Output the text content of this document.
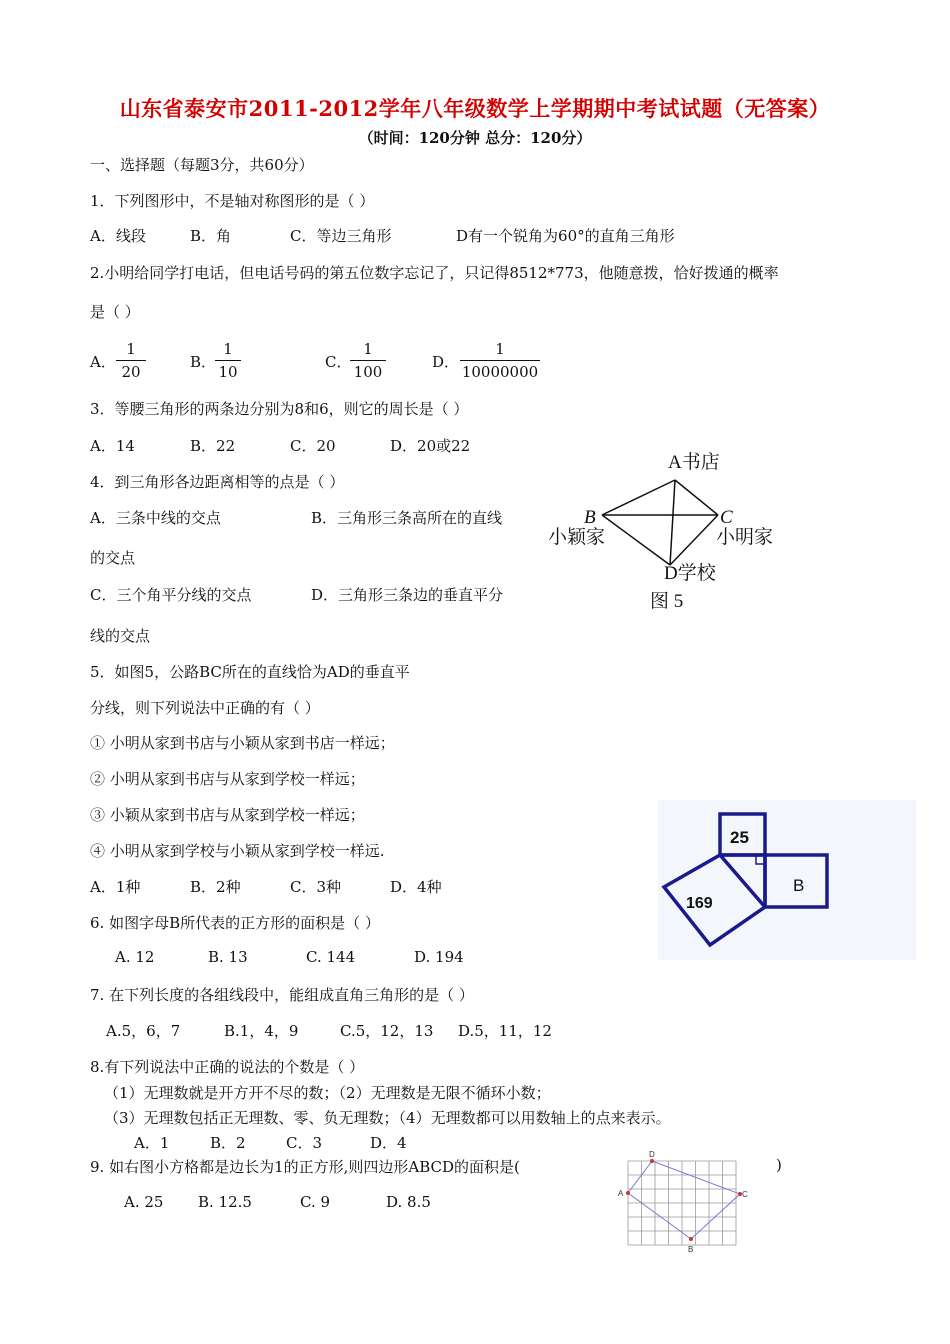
山东省泰安市2011-2012学年八年级数学上学期期中考试试题（无答案）
（时间：120分钟 总分：120分）
一、选择题（每题3分，共60分）
1．下列图形中，不是轴对称图形的是（ ）
A．线段	B．角	C．等边三角形	D有一个锐角为60°的直角三角形
2.小明给同学打电话，但电话号码的第五位数字忘记了，只记得8512*773，他随意拨，恰好拨通的概率
是（ ）
A．
1
20
B．
1
10
C．
1
100
D．
1
10000000
3．等腰三角形的两条边分别为8和6，则它的周长是（ ）
A．14	B．22	C．20	D．20或22
4．到三角形各边距离相等的点是（ ）
A．三条中线的交点	B．三角形三条高所在的直线
的交点
C．三个角平分线的交点	D．三角形三条边的垂直平分
线的交点
A书店
B
小颖家
C
小明家
D学校
图 5
5．如图5，公路BC所在的直线恰为AD的垂直平
分线，则下列说法中正确的有（ ）
① 小明从家到书店与小颖从家到书店一样远；
② 小明从家到书店与从家到学校一样远；
③ 小颖从家到书店与从家到学校一样远；
④ 小明从家到学校与小颖从家到学校一样远.
A．1种	B．2种	C．3种	D．4种
25
169
B
6. 如图字母B所代表的正方形的面积是（ ）
A. 12	B. 13	C. 144	D. 194
7. 在下列长度的各组线段中，能组成直角三角形的是（ ）
A.5，6，7	B.1，4，9	C.5，12，13 D.5，11，12
8.有下列说法中正确的说法的个数是（ ）
（1）无理数就是开方开不尽的数；（2）无理数是无限不循环小数；
（3）无理数包括正无理数、零、负无理数；（4）无理数都可以用数轴上的点来表示。
A．1	B．2	C．3	D．4
9. 如右图小方格都是边长为1的正方形,则四边形ABCD的面积是(	)
A. 25 B. 12.5	C. 9	D. 8.5	A
D
C
B
